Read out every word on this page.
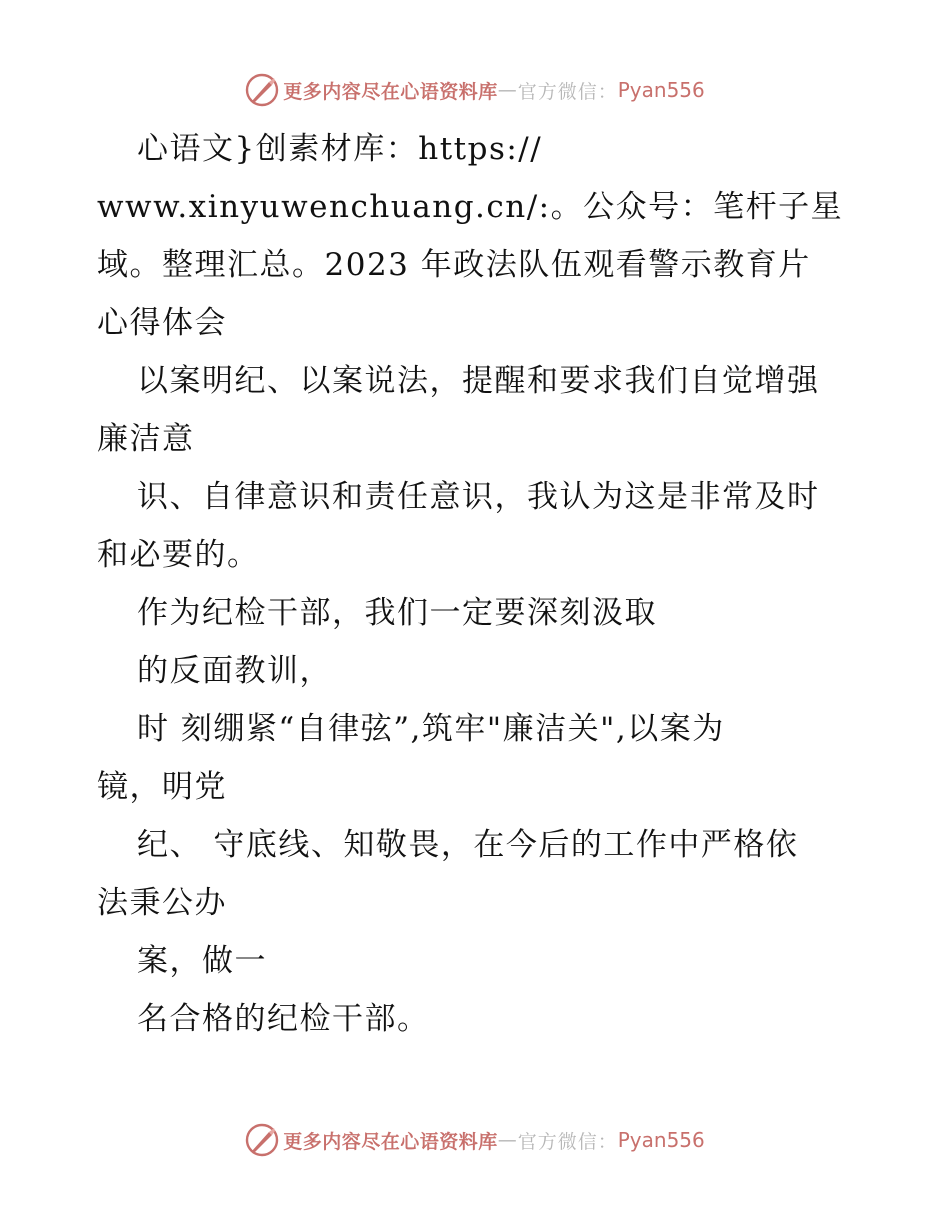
更多内容尽在心语资料库 — 官方微信： Pyan556

心语文}创素材库：https://

www.xinyuwenchuang.cn/:。公众号：笔杆子星

域。整理汇总。2023 年政法队伍观看警示教育片

心得体会

以案明纪、以案说法，提醒和要求我们自觉增强

廉洁意

识、自律意识和责任意识，我认为这是非常及时

和必要的。

作为纪检干部，我们一定要深刻汲取

的反面教训，

时 刻绷紧“自律弦”,筑牢"廉洁关",以案为

镜，明党

纪、 守底线、知敬畏，在今后的工作中严格依

法秉公办

案，做一

名合格的纪检干部。

更多内容尽在心语资料库 — 官方微信： Pyan556
